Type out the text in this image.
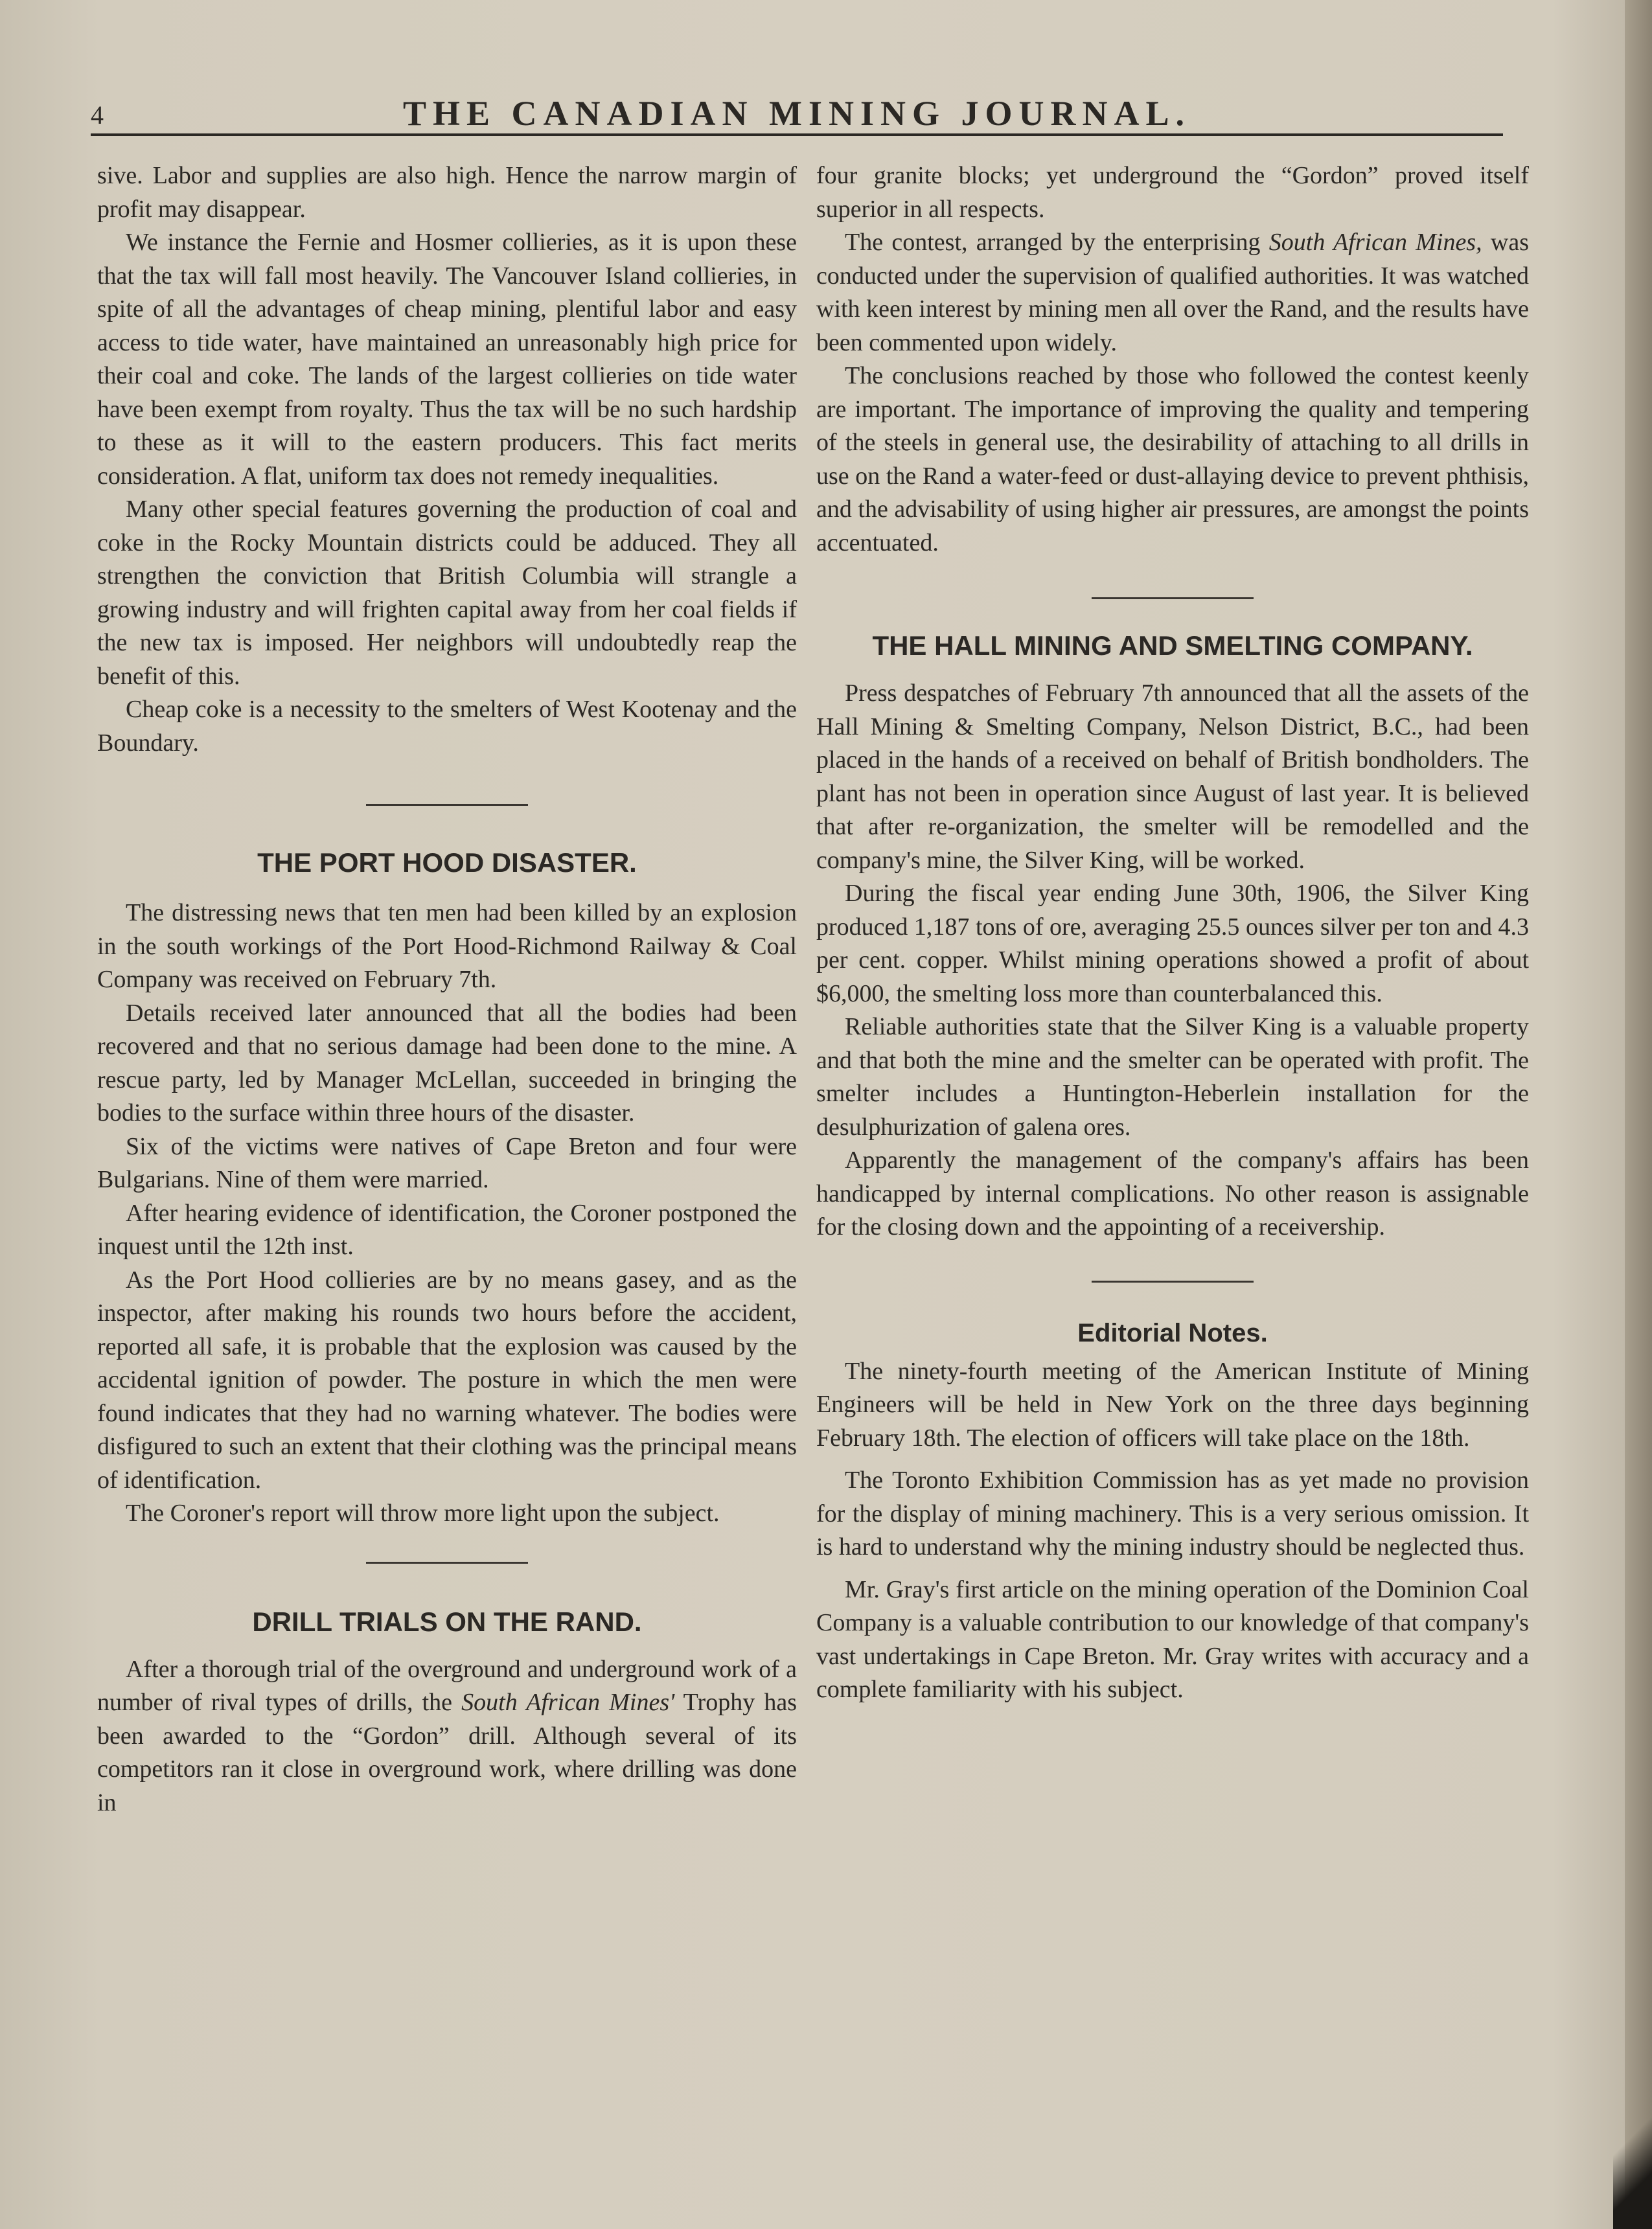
4	THE CANADIAN MINING JOURNAL.

sive. Labor and supplies are also high. Hence the narrow margin of profit may disappear.

We instance the Fernie and Hosmer collieries, as it is upon these that the tax will fall most heavily. The Vancouver Island collieries, in spite of all the advantages of cheap mining, plentiful labor and easy access to tide water, have maintained an unreasonably high price for their coal and coke. The lands of the largest collieries on tide water have been exempt from royalty. Thus the tax will be no such hardship to these as it will to the eastern producers. This fact merits consideration. A flat, uniform tax does not remedy inequalities.

Many other special features governing the production of coal and coke in the Rocky Mountain districts could be adduced. They all strengthen the conviction that British Columbia will strangle a growing industry and will frighten capital away from her coal fields if the new tax is imposed. Her neighbors will undoubtedly reap the benefit of this.

Cheap coke is a necessity to the smelters of West Kootenay and the Boundary.

THE PORT HOOD DISASTER.

The distressing news that ten men had been killed by an explosion in the south workings of the Port Hood-Richmond Railway & Coal Company was received on February 7th.

Details received later announced that all the bodies had been recovered and that no serious damage had been done to the mine. A rescue party, led by Manager McLellan, succeeded in bringing the bodies to the surface within three hours of the disaster.

Six of the victims were natives of Cape Breton and four were Bulgarians. Nine of them were married.

After hearing evidence of identification, the Coroner postponed the inquest until the 12th inst.

As the Port Hood collieries are by no means gasey, and as the inspector, after making his rounds two hours before the accident, reported all safe, it is probable that the explosion was caused by the accidental ignition of powder. The posture in which the men were found indicates that they had no warning whatever. The bodies were disfigured to such an extent that their clothing was the principal means of identification.

The Coroner's report will throw more light upon the subject.

DRILL TRIALS ON THE RAND.

After a thorough trial of the overground and underground work of a number of rival types of drills, the South African Mines' Trophy has been awarded to the “Gordon” drill. Although several of its competitors ran it close in overground work, where drilling was done in

four granite blocks; yet underground the “Gordon” proved itself superior in all respects.

The contest, arranged by the enterprising South African Mines, was conducted under the supervision of qualified authorities. It was watched with keen interest by mining men all over the Rand, and the results have been commented upon widely.

The conclusions reached by those who followed the contest keenly are important. The importance of improving the quality and tempering of the steels in general use, the desirability of attaching to all drills in use on the Rand a water-feed or dust-allaying device to prevent phthisis, and the advisability of using higher air pressures, are amongst the points accentuated.

THE HALL MINING AND SMELTING COMPANY.

Press despatches of February 7th announced that all the assets of the Hall Mining & Smelting Company, Nelson District, B.C., had been placed in the hands of a received on behalf of British bondholders. The plant has not been in operation since August of last year. It is believed that after re-organization, the smelter will be remodelled and the company's mine, the Silver King, will be worked.

During the fiscal year ending June 30th, 1906, the Silver King produced 1,187 tons of ore, averaging 25.5 ounces silver per ton and 4.3 per cent. copper. Whilst mining operations showed a profit of about $6,000, the smelting loss more than counterbalanced this.

Reliable authorities state that the Silver King is a valuable property and that both the mine and the smelter can be operated with profit. The smelter includes a Huntington-Heberlein installation for the desulphurization of galena ores.

Apparently the management of the company's affairs has been handicapped by internal complications. No other reason is assignable for the closing down and the appointing of a receivership.

Editorial Notes.

The ninety-fourth meeting of the American Institute of Mining Engineers will be held in New York on the three days beginning February 18th. The election of officers will take place on the 18th.

The Toronto Exhibition Commission has as yet made no provision for the display of mining machinery. This is a very serious omission. It is hard to understand why the mining industry should be neglected thus.

Mr. Gray's first article on the mining operation of the Dominion Coal Company is a valuable contribution to our knowledge of that company's vast undertakings in Cape Breton. Mr. Gray writes with accuracy and a complete familiarity with his subject.
